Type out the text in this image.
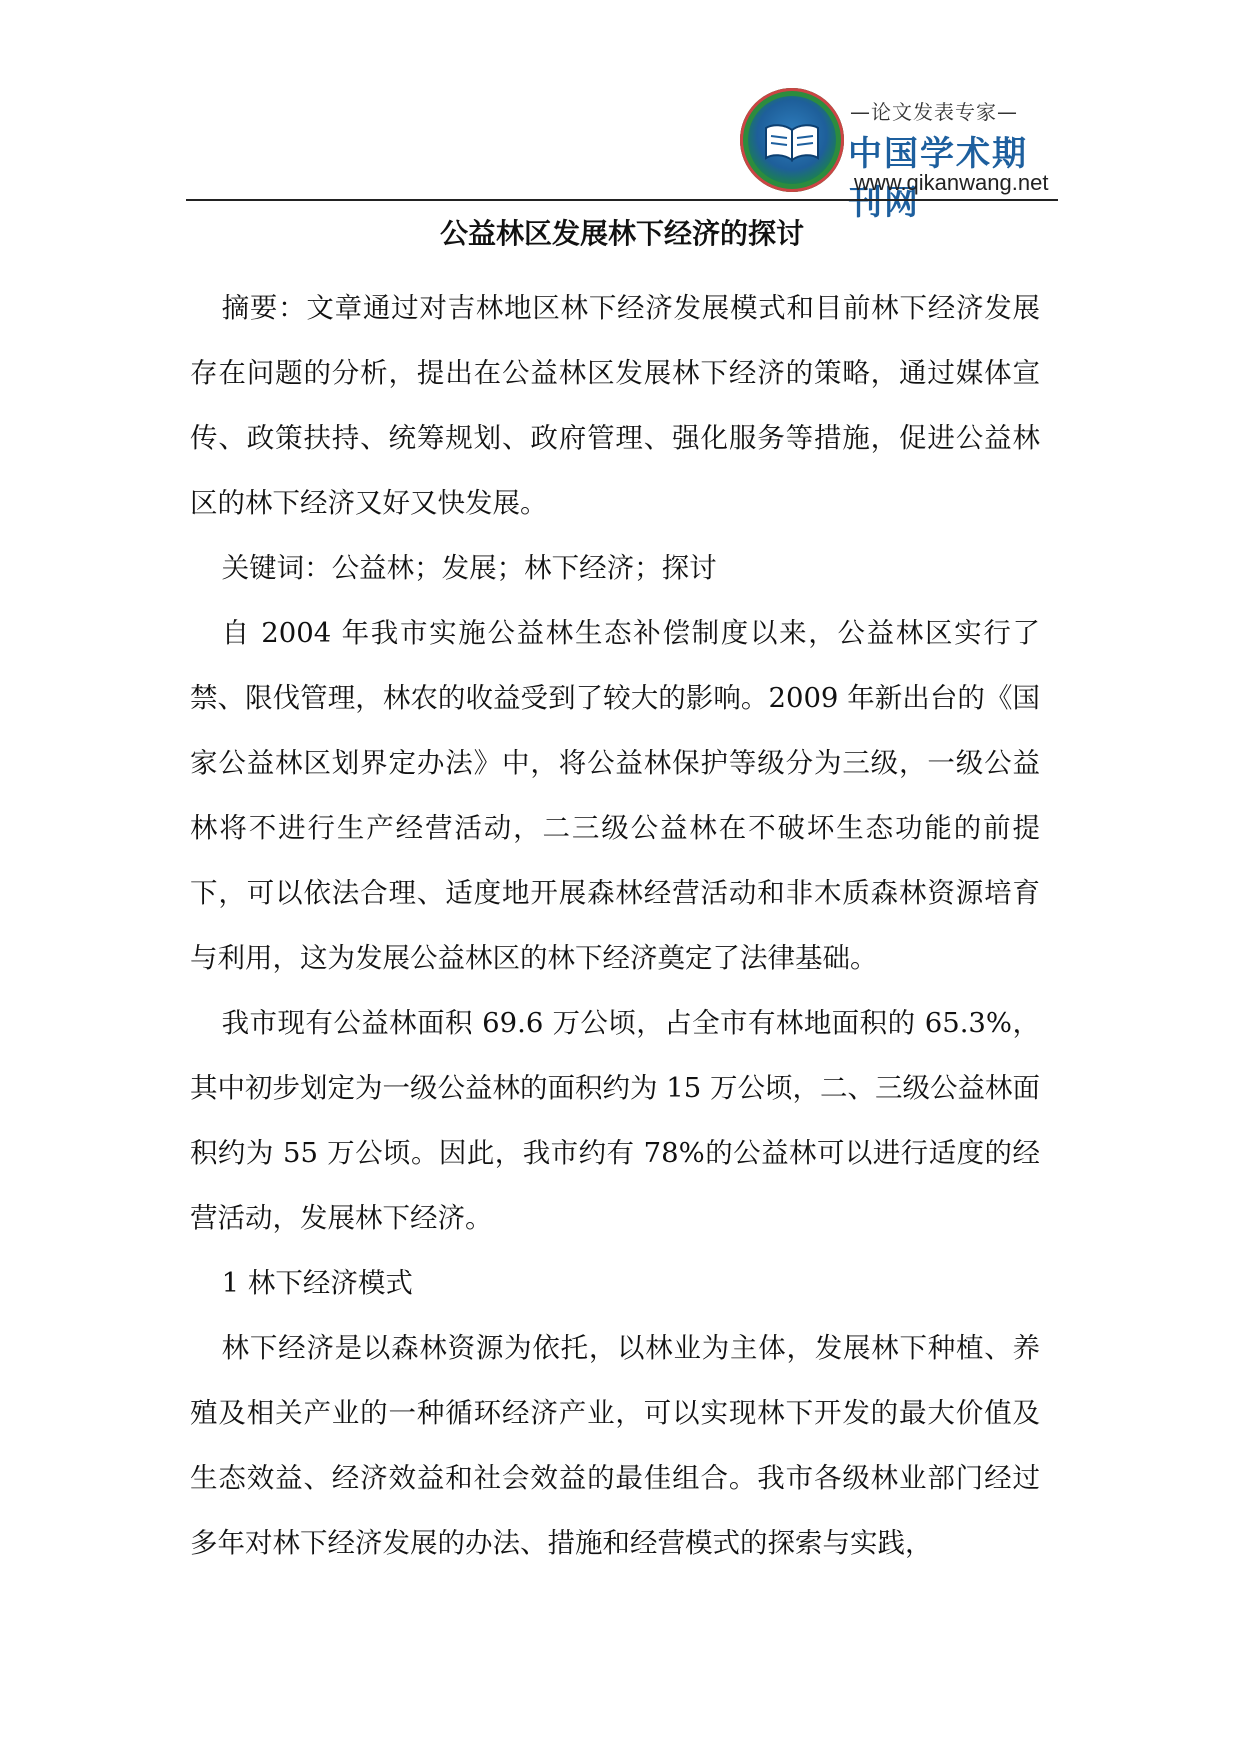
—论文发表专家—
中国学术期刊网
www.qikanwang.net
公益林区发展林下经济的探讨

摘要：文章通过对吉林地区林下经济发展模式和目前林下经济发展存在问题的分析，提出在公益林区发展林下经济的策略，通过媒体宣传、政策扶持、统筹规划、政府管理、强化服务等措施，促进公益林区的林下经济又好又快发展。

关键词：公益林；发展；林下经济；探讨

自 2004 年我市实施公益林生态补偿制度以来，公益林区实行了禁、限伐管理，林农的收益受到了较大的影响。2009 年新出台的《国家公益林区划界定办法》中，将公益林保护等级分为三级，一级公益林将不进行生产经营活动，二三级公益林在不破坏生态功能的前提下，可以依法合理、适度地开展森林经营活动和非木质森林资源培育与利用，这为发展公益林区的林下经济奠定了法律基础。

我市现有公益林面积 69.6 万公顷，占全市有林地面积的 65.3%，其中初步划定为一级公益林的面积约为 15 万公顷，二、三级公益林面积约为 55 万公顷。因此，我市约有 78%的公益林可以进行适度的经营活动，发展林下经济。

1 林下经济模式

林下经济是以森林资源为依托，以林业为主体，发展林下种植、养殖及相关产业的一种循环经济产业，可以实现林下开发的最大价值及生态效益、经济效益和社会效益的最佳组合。我市各级林业部门经过多年对林下经济发展的办法、措施和经营模式的探索与实践，
